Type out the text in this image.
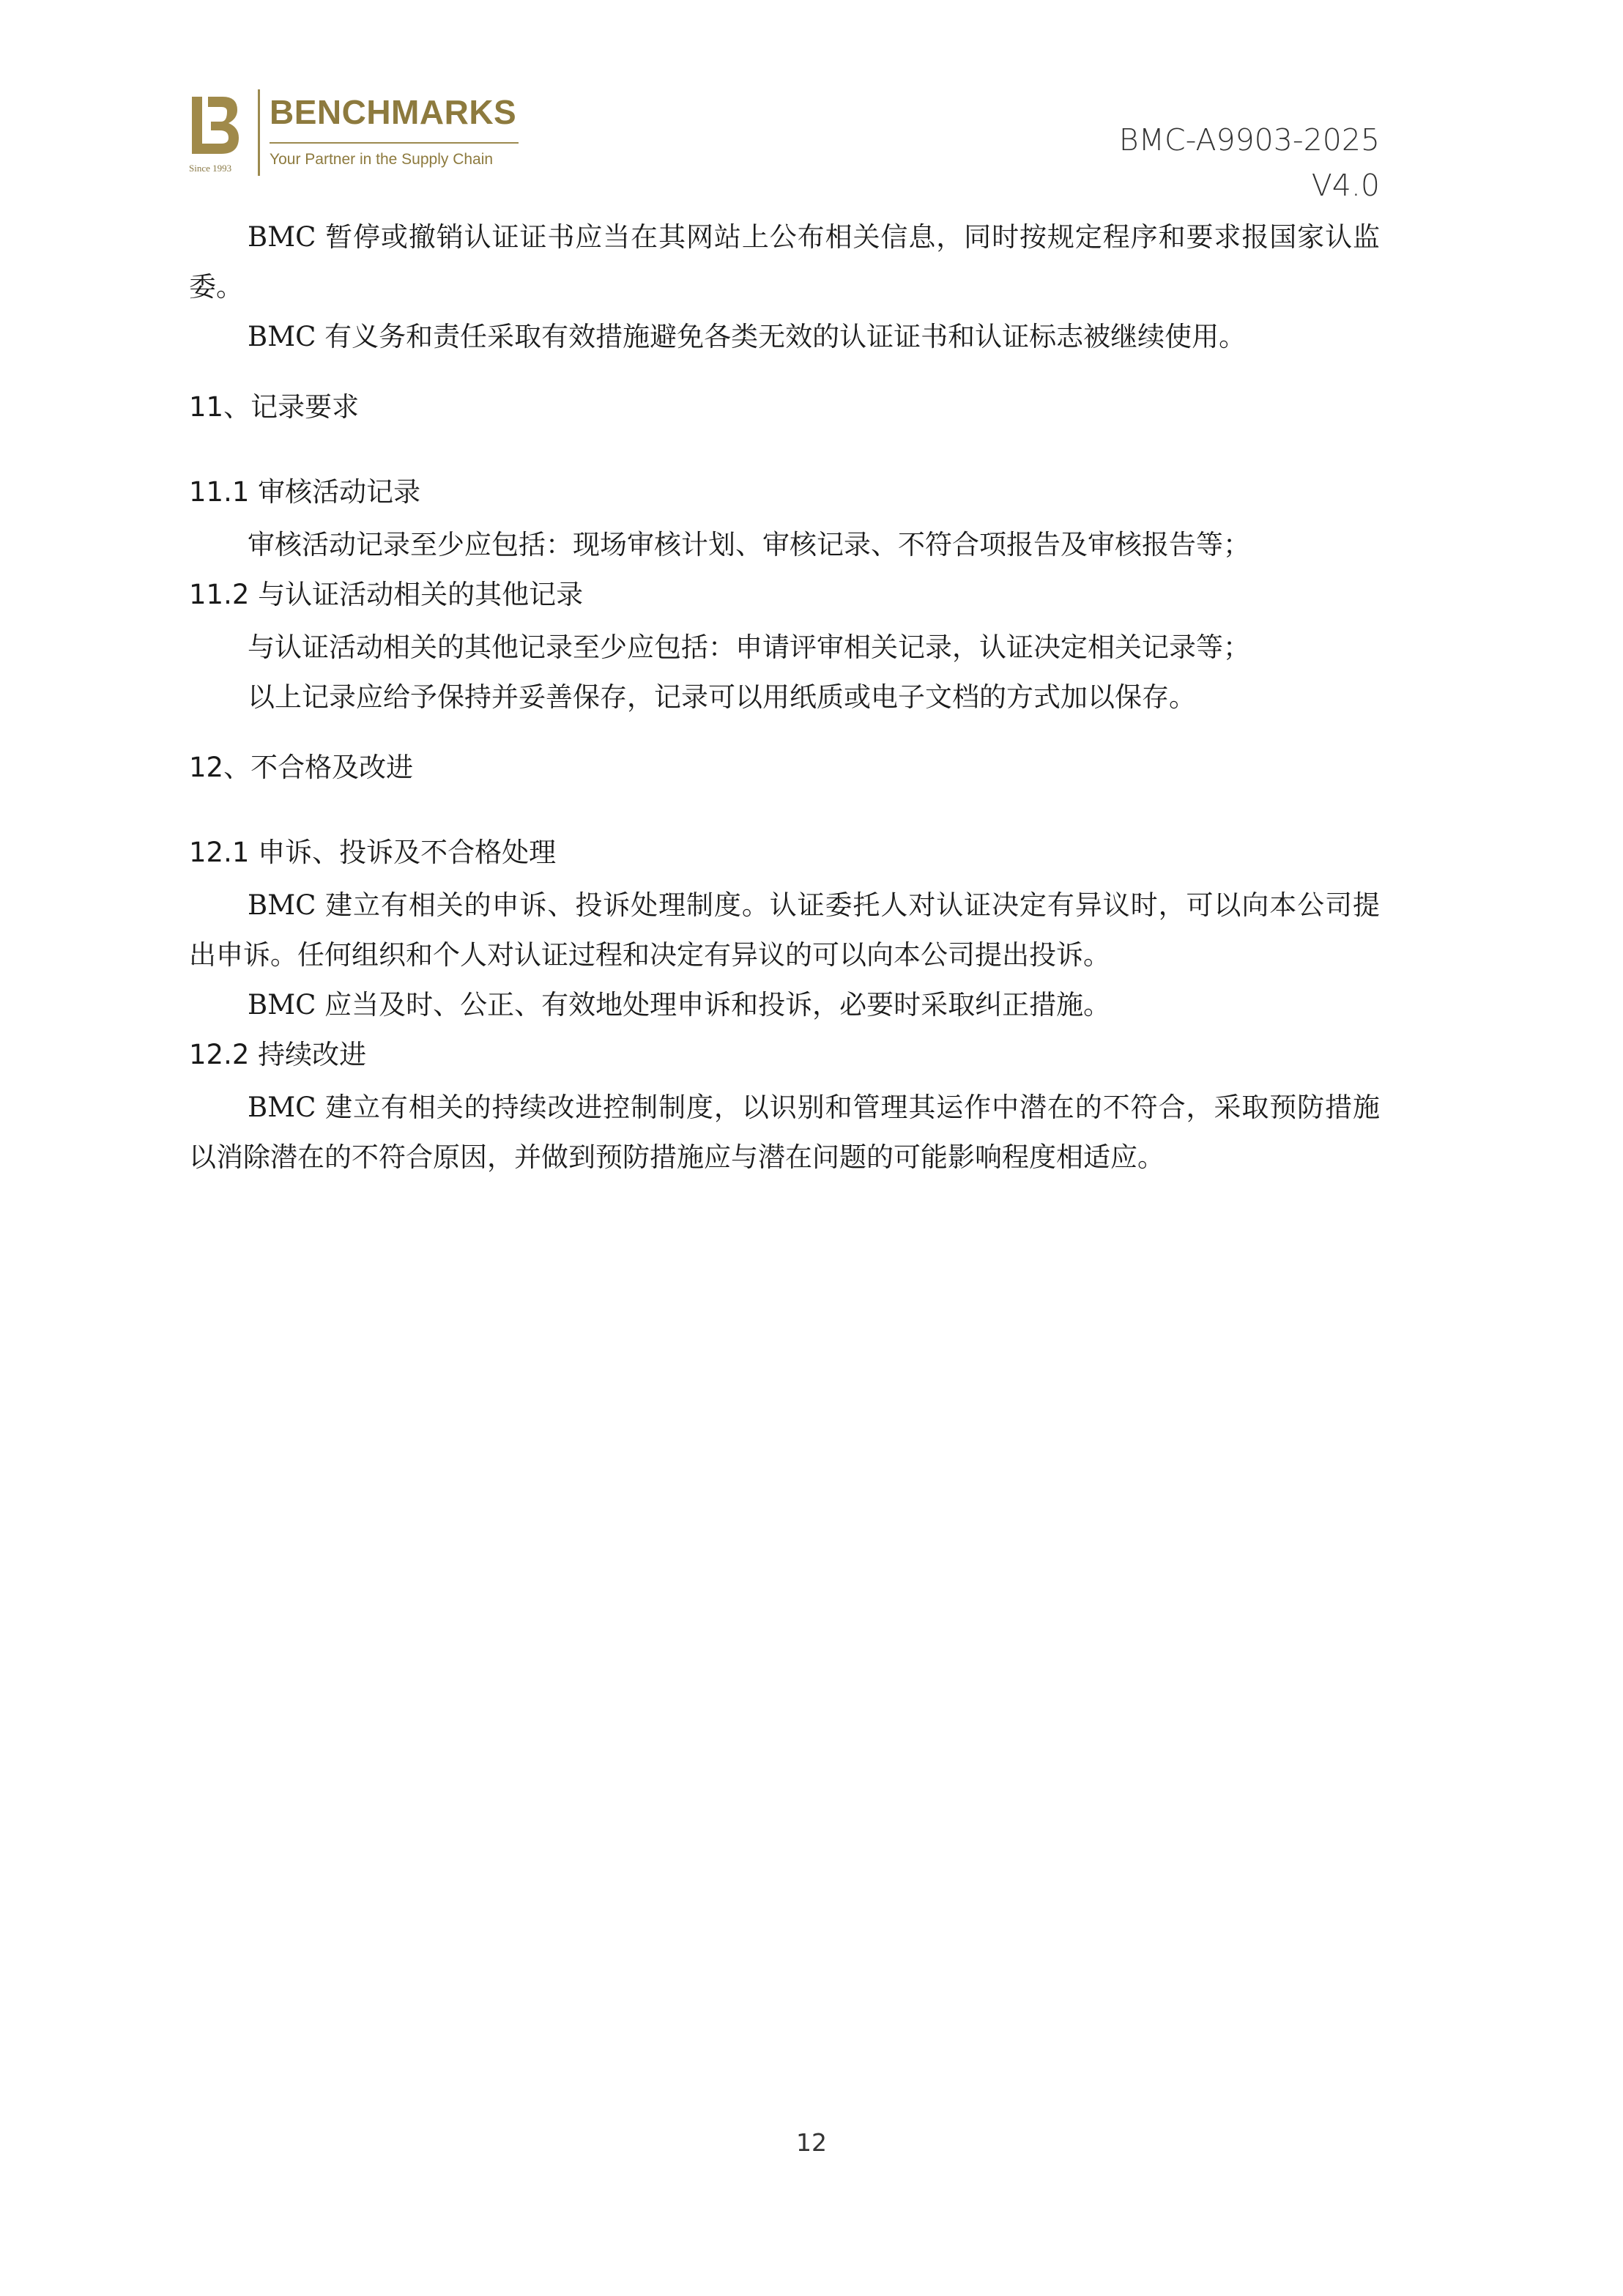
Since 1993
BENCHMARKS
Your Partner in the Supply Chain
BMC-A9903-2025
V4.0

BMC 暂停或撤销认证证书应当在其网站上公布相关信息，同时按规定程序和要求报国家认监委。

BMC 有义务和责任采取有效措施避免各类无效的认证证书和认证标志被继续使用。

11、记录要求

11.1 审核活动记录

审核活动记录至少应包括：现场审核计划、审核记录、不符合项报告及审核报告等；

11.2 与认证活动相关的其他记录

与认证活动相关的其他记录至少应包括：申请评审相关记录，认证决定相关记录等；

以上记录应给予保持并妥善保存，记录可以用纸质或电子文档的方式加以保存。

12、不合格及改进

12.1 申诉、投诉及不合格处理

BMC 建立有相关的申诉、投诉处理制度。认证委托人对认证决定有异议时，可以向本公司提出申诉。任何组织和个人对认证过程和决定有异议的可以向本公司提出投诉。

BMC 应当及时、公正、有效地处理申诉和投诉，必要时采取纠正措施。

12.2 持续改进

BMC 建立有相关的持续改进控制制度，以识别和管理其运作中潜在的不符合，采取预防措施以消除潜在的不符合原因，并做到预防措施应与潜在问题的可能影响程度相适应。

12
